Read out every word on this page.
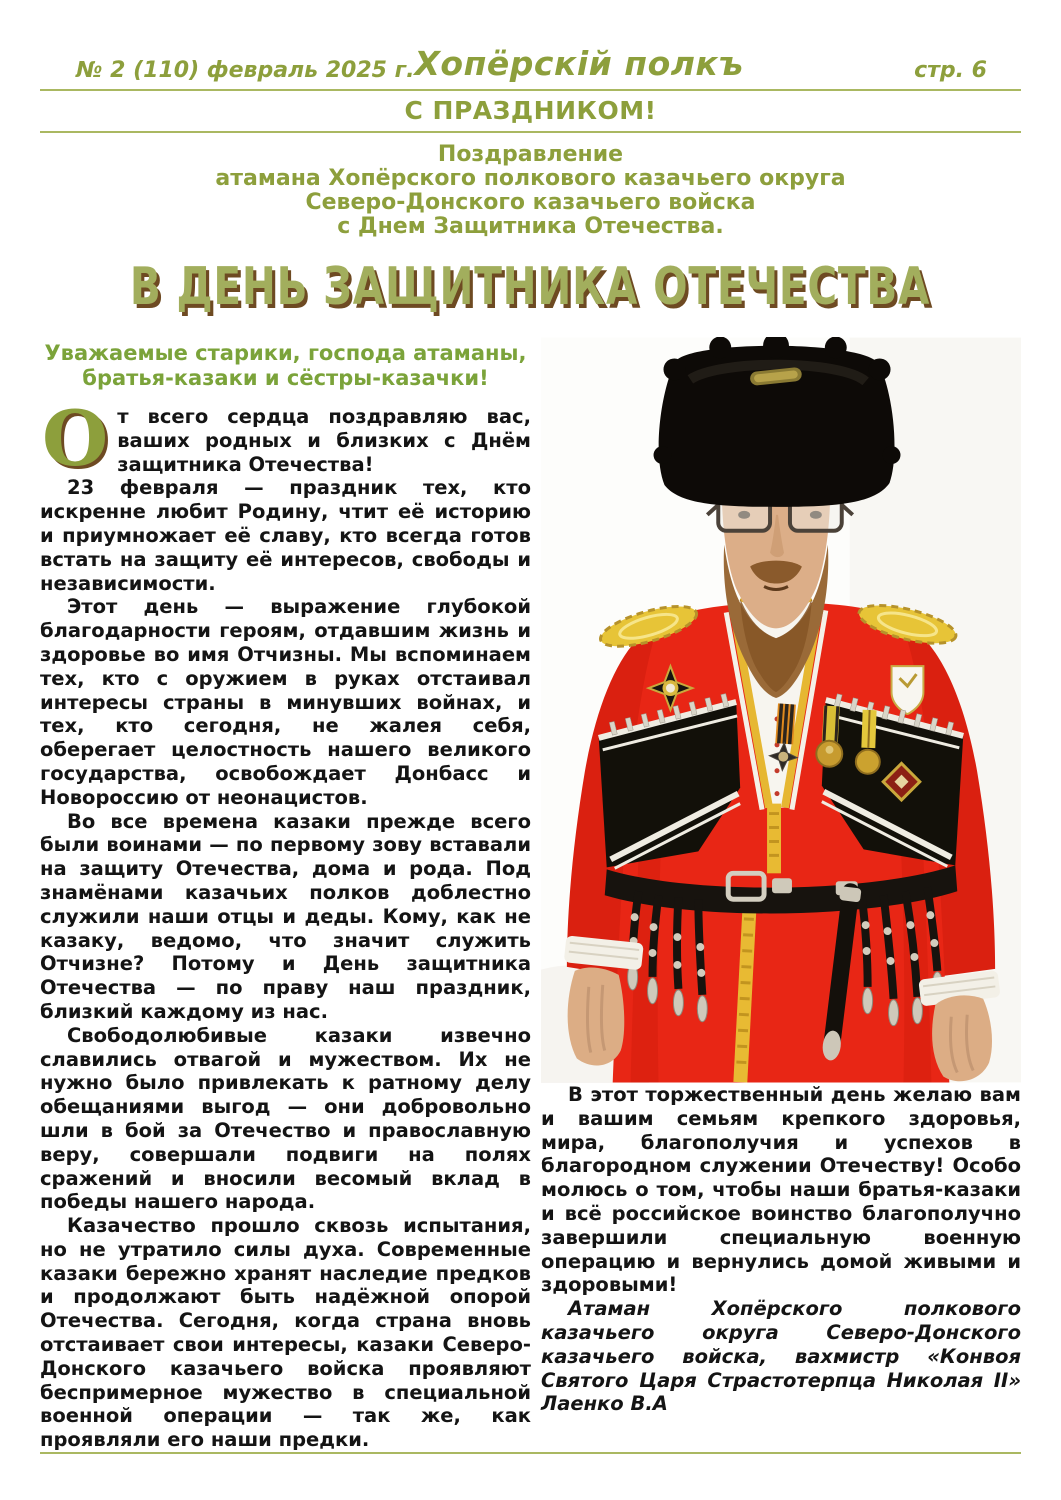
№ 2 (110) февраль 2025 г. Хопёрскій полкъ	стр. 6
С ПРАЗДНИКОМ!
Поздравление
атамана Хопёрского полкового казачьего округа
Северо-Донского казачьего войска
с Днем Защитника Отечества.
В ДЕНЬ ЗАЩИТНИКА ОТЕЧЕСТВА
Уважаемые старики, господа атаманы,
братья-казаки и сёстры-казачки!

От всего сердца поздравляю вас, ваших родных и близких с Днём защитника Отечества!

23 февраля — праздник тех, кто искренне любит Родину, чтит её историю и приумножает её славу, кто всегда готов встать на защиту её интересов, свободы и независимости.

Этот день — выражение глубокой благодарности героям, отдавшим жизнь и здоровье во имя Отчизны. Мы вспоминаем тех, кто с оружием в руках отстаивал интересы страны в минувших войнах, и тех, кто сегодня, не жалея себя, оберегает целостность нашего великого государства, освобождает Донбасс и Новороссию от неонацистов.

Во все времена казаки прежде всего были воинами — по первому зову вставали на защиту Отечества, дома и рода. Под знамёнами казачьих полков доблестно служили наши отцы и деды. Кому, как не казаку, ведомо, что значит служить Отчизне? Потому и День защитника Отечества — по праву наш праздник, близкий каждому из нас.

Свободолюбивые казаки извечно славились отвагой и мужеством. Их не нужно было привлекать к ратному делу обещаниями выгод — они добровольно шли в бой за Отечество и православную веру, совершали подвиги на полях сражений и вносили весомый вклад в победы нашего народа.

Казачество прошло сквозь испытания, но не утратило силы духа. Современные казаки бережно хранят наследие предков и продолжают быть надёжной опорой Отечества. Сегодня, когда страна вновь отстаивает свои интересы, казаки Северо-Донского казачьего войска проявляют беспримерное мужество в специальной военной операции — так же, как проявляли его наши предки.

В этот торжественный день желаю вам и вашим семьям крепкого здоровья, мира, благополучия и успехов в благородном служении Отечеству! Особо молюсь о том, чтобы наши братья-казаки и всё российское воинство благополучно завершили специальную военную операцию и вернулись домой живыми и здоровыми!

Атаман Хопёрского полкового казачьего округа Северо-Донского казачьего войска, вахмистр «Конвоя Святого Царя Страстотерпца Николая II» Лаенко В.А
